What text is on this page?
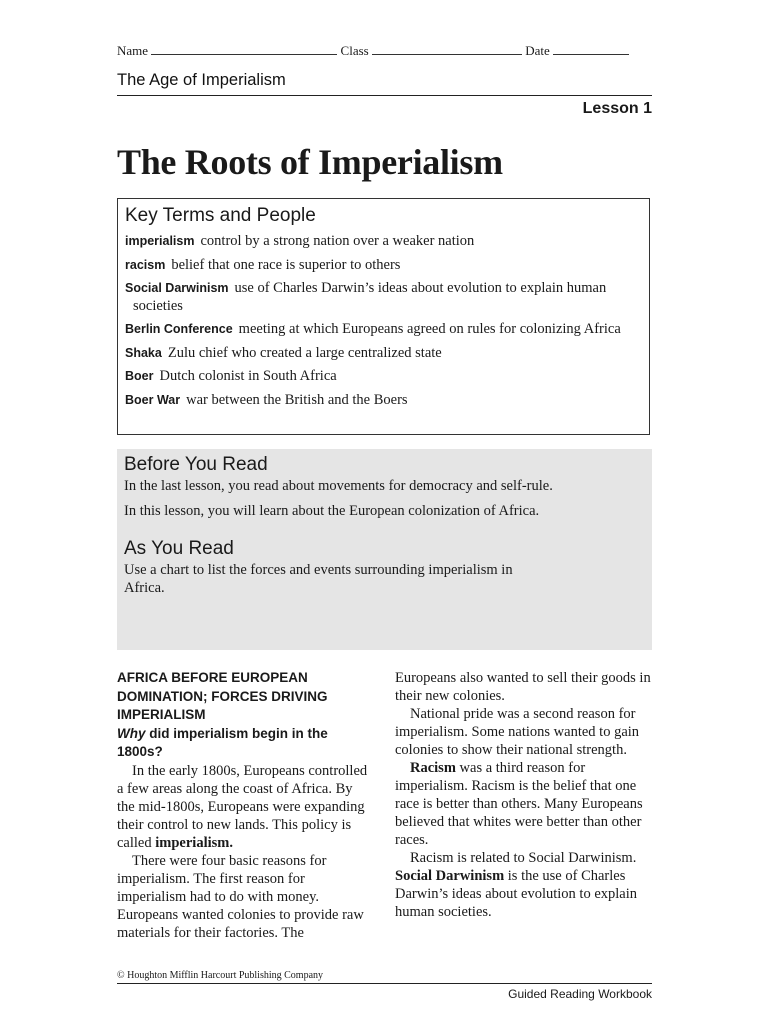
Name	Class	Date
The Age of Imperialism
Lesson 1
The Roots of Imperialism
Key Terms and People
imperialism control by a strong nation over a weaker nation
racism belief that one race is superior to others
Social Darwinism use of Charles Darwin’s ideas about evolution to explain human societies
Berlin Conference meeting at which Europeans agreed on rules for colonizing Africa
Shaka Zulu chief who created a large centralized state
Boer Dutch colonist in South Africa
Boer War war between the British and the Boers
Before You Read

In the last lesson, you read about movements for democracy and self-rule.

In this lesson, you will learn about the European colonization of Africa.

As You Read

Use a chart to list the forces and events surrounding imperialism in Africa.

AFRICA BEFORE EUROPEAN DOMINATION; FORCES DRIVING IMPERIALISM

Why did imperialism begin in the 1800s?

In the early 1800s, Europeans controlled a few areas along the coast of Africa. By the mid-1800s, Europeans were expanding their control to new lands. This policy is called imperialism.

There were four basic reasons for imperialism. The first reason for imperialism had to do with money. Europeans wanted colonies to provide raw materials for their factories. The

Europeans also wanted to sell their goods in their new colonies.

National pride was a second reason for imperialism. Some nations wanted to gain colonies to show their national strength.

Racism was a third reason for imperialism. Racism is the belief that one race is better than others. Many Europeans believed that whites were better than other races.

Racism is related to Social Darwinism. Social Darwinism is the use of Charles Darwin’s ideas about evolution to explain human societies.

© Houghton Mifflin Harcourt Publishing Company
Guided Reading Workbook
